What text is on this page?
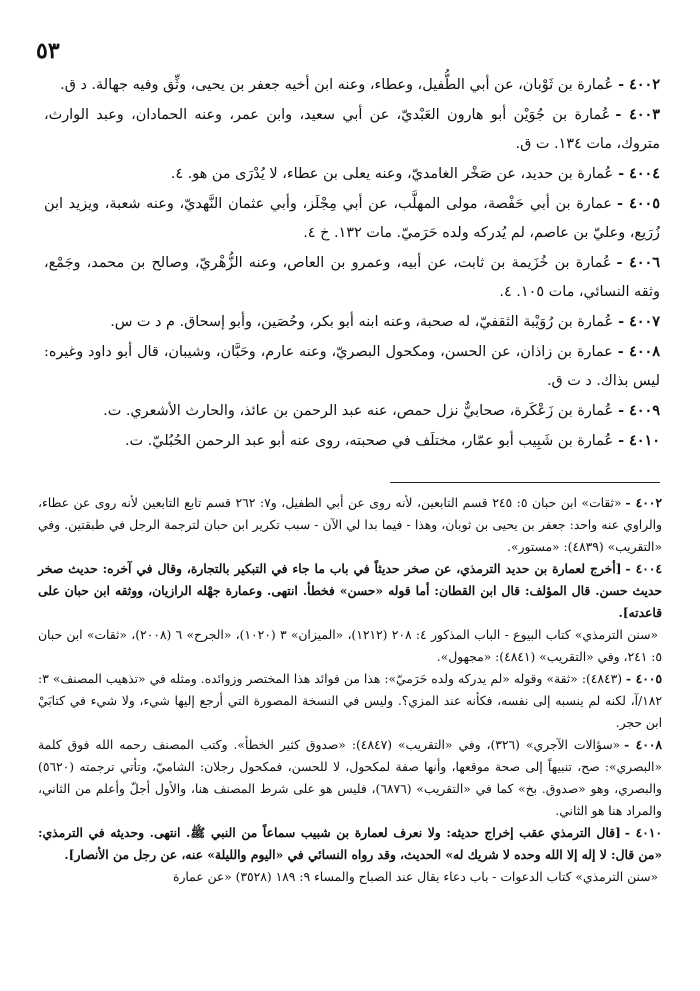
٥٣
٤٠٠٢ -عُمارة بن ثَوْبان، عن أبي الطُّفيل، وعطاء، وعنه ابن أخيه جعفر بن يحيى، وثِّق وفيه جهالة. د ق.
٤٠٠٣ -عُمارة بن جُوَيْن أبو هارون العَبْديّ، عن أبي سعيد، وابن عمر، وعنه الحمادان، وعبد الوارث، متروك، مات ١٣٤. ت ق.
٤٠٠٤ -عُمارة بن حديد، عن صَخْر الغامديّ، وعنه يعلى بن عطاء، لا يُدْرَى من هو. ٤.
٤٠٠٥ -عمارة بن أبي حَفْصة، مولى المهلَّب، عن أبي مِجْلَز، وأبي عثمان النَّهديّ، وعنه شعبة، ويزيد ابن زُرَيع، وعليّ بن عاصم، لم يُدركه ولده حَرَميّ. مات ١٣٢. خ ٤.
٤٠٠٦ -عُمارة بن خُزَيمة بن ثابت، عن أبيه، وعمرو بن العاص، وعنه الزُّهْريّ، وصالح بن محمد، وجَمْع، وثقه النسائي، مات ١٠٥. ٤.
٤٠٠٧ -عُمارة بن رُوَيْبة الثقفيّ، له صحبة، وعنه ابنه أبو بكر، وحُصَين، وأبو إسحاق. م د ت س.
٤٠٠٨ -عمارة بن زاذان، عن الحسن، ومكحول البصريّ، وعنه عارم، وحَبَّان، وشيبان، قال أبو داود وغيره: ليس بذاك. د ت ق.
٤٠٠٩ -عُمارة بن زَعْكَرة، صحابيٌّ نزل حمص، عنه عبد الرحمن بن عائذ، والحارث الأشعري. ت.
٤٠١٠ -عُمارة بن شَبِيب أبو عمّار، مختلَف في صحبته، روى عنه أبو عبد الرحمن الحُبُليّ. ت.
٤٠٠٢ -«ثقات» ابن حبان ٥: ٢٤٥ قسم التابعين، لأنه روى عن أبي الطفيل، و٧: ٢٦٢ قسم تابع التابعين لأنه روى عن عطاء، والراوي عنه واحد: جعفر بن يحيى بن ثوبان، وهذا - فيما بدا لي الآن - سبب تكرير ابن حبان لترجمة الرجل في طبقتين. وفي «التقريب» (٤٨٣٩): «مستور».
٤٠٠٤ -[أخرج لعمارة بن حديد الترمذي، عن صخر حديثاً في باب ما جاء في التبكير بالتجارة، وقال في آخره: حديث صخر حديث حسن. قال المؤلف: قال ابن القطان: أما قوله «حسن» فخطأ. انتهى. وعمارة جهْله الرازيان، ووثقه ابن حبان على قاعدته].
«سنن الترمذي» كتاب البيوع - الباب المذكور ٤: ٢٠٨ (١٢١٢)، «الميزان» ٣ (١٠٢٠)، «الجرح» ٦ (٢٠٠٨)، «ثقات» ابن حبان ٥: ٢٤١، وفي «التقريب» (٤٨٤١): «مجهول».
٤٠٠٥ -(٤٨٤٣): «ثقة» وقوله «لم يدركه ولده حَرَميّ»: هذا من فوائد هذا المختصر وزوائده. ومثله في «تذهيب المصنف» ٣: ١٨٢/آ، لكنه لم ينسبه إلى نفسه، فكأنه عند المزي؟. وليس في النسخة المصورة التي أرجع إليها شيء، ولا شيء في كتابَيْ ابن حجر.
٤٠٠٨ -«سؤالات الآجري» (٣٢٦)، وفي «التقريب» (٤٨٤٧): «صدوق كثير الخطأ». وكتب المصنف رحمه الله فوق كلمة «البصري»: صح، تنبيهاً إلى صحة موقعها، وأنها صفة لمكحول، لا للحسن، فمكحول رجلان: الشاميّ، وتأتي ترجمته (٥٦٢٠) والبصري، وهو «صدوق. بخ» كما في «التقريب» (٦٨٧٦)، فليس هو على شرط المصنف هنا، والأول أجلّ وأعلم من الثاني، والمراد هنا هو الثاني.
٤٠١٠ -[قال الترمذي عقب إخراج حديثه: ولا نعرف لعمارة بن شبيب سماعاً من النبي ﷺ. انتهى. وحديثه في الترمذي: «من قال: لا إله إلا الله وحده لا شريك له» الحديث، وقد رواه النسائي في «اليوم والليلة» عنه، عن رجل من الأنصار].
«سنن الترمذي» كتاب الدعوات - باب دعاء يقال عند الصباح والمساء ٩: ١٨٩ (٣٥٢٨) «عن عمارة
